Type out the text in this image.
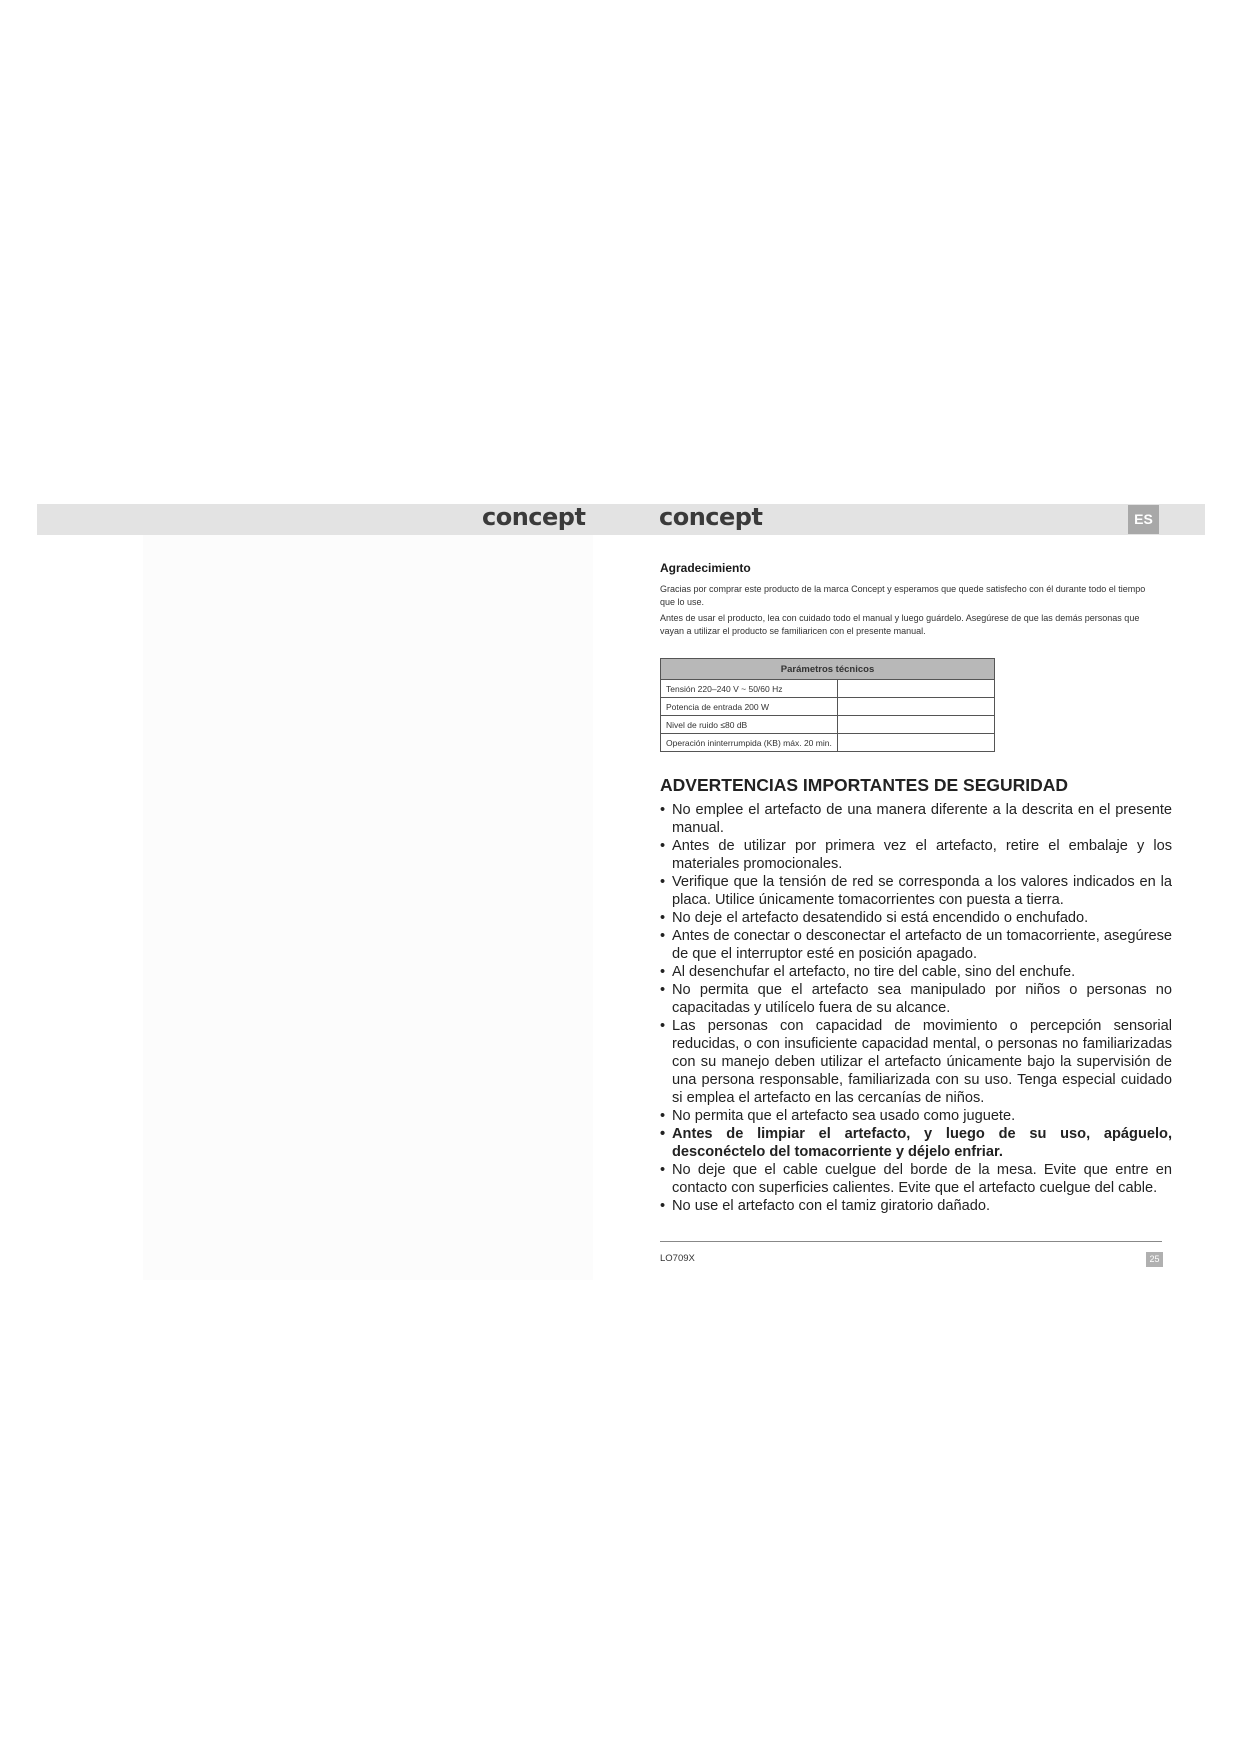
concept	concept	ES
Agradecimiento

Gracias por comprar este producto de la marca Concept y esperamos que quede satisfecho con él durante todo el tiempo que lo use.

Antes de usar el producto, lea con cuidado todo el manual y luego guárdelo. Asegúrese de que las demás personas que vayan a utilizar el producto se familiaricen con el presente manual.

Parámetros técnicos	
Tensión 220–240 V ~ 50/60 Hz	
Potencia de entrada 200 W	
Nivel de ruido ≤80 dB	
Operación ininterrumpida (KB) máx. 20 min.	
ADVERTENCIAS IMPORTANTES DE SEGURIDAD
• No emplee el artefacto de una manera diferente a la descrita en el presente manual.
• Antes de utilizar por primera vez el artefacto, retire el embalaje y los materiales promocionales.
• Verifique que la tensión de red se corresponda a los valores indicados en la placa. Utilice únicamente tomacorrientes con puesta a tierra.
• No deje el artefacto desatendido si está encendido o enchufado.
• Antes de conectar o desconectar el artefacto de un tomacorriente, asegúrese de que el interruptor esté en posición apagado.
• Al desenchufar el artefacto, no tire del cable, sino del enchufe.
• No permita que el artefacto sea manipulado por niños o personas no capacitadas y utilícelo fuera de su alcance.
• Las personas con capacidad de movimiento o percepción sensorial reducidas, o con insuficiente capacidad mental, o personas no familiarizadas con su manejo deben utilizar el artefacto únicamente bajo la supervisión de una persona responsable, familiarizada con su uso. Tenga especial cuidado si emplea el artefacto en las cercanías de niños.
• No permita que el artefacto sea usado como juguete.
• Antes de limpiar el artefacto, y luego de su uso, apáguelo, desconéctelo del tomacorriente y déjelo enfriar.
• No deje que el cable cuelgue del borde de la mesa. Evite que entre en contacto con superficies calientes. Evite que el artefacto cuelgue del cable.
• No use el artefacto con el tamiz giratorio dañado.
LO709X	25
